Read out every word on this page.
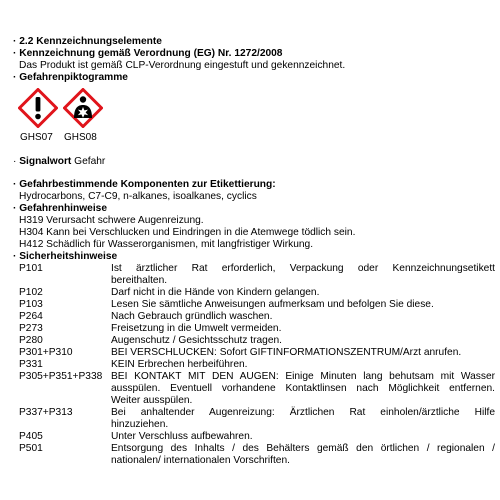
· 2.2 Kennzeichnungselemente
· Kennzeichnung gemäß Verordnung (EG) Nr. 1272/2008
Das Produkt ist gemäß CLP-Verordnung eingestuft und gekennzeichnet.
· Gefahrenpiktogramme
GHS07 GHS08
· Signalwort Gefahr
· Gefahrbestimmende Komponenten zur Etikettierung:
Hydrocarbons, C7-C9, n-alkanes, isoalkanes, cyclics
· Gefahrenhinweise
H319 Verursacht schwere Augenreizung.
H304 Kann bei Verschlucken und Eindringen in die Atemwege tödlich sein.
H412 Schädlich für Wasserorganismen, mit langfristiger Wirkung.
· Sicherheitshinweise
P101	Ist ärztlicher Rat erforderlich, Verpackung oder Kennzeichnungsetikett
bereithalten.
P102	Darf nicht in die Hände von Kindern gelangen.
P103	Lesen Sie sämtliche Anweisungen aufmerksam und befolgen Sie diese.
P264	Nach Gebrauch gründlich waschen.
P273	Freisetzung in die Umwelt vermeiden.
P280	Augenschutz / Gesichtsschutz tragen.
P301+P310	BEI VERSCHLUCKEN: Sofort GIFTINFORMATIONSZENTRUM/Arzt anrufen.
P331	KEIN Erbrechen herbeiführen.
P305+P351+P338 BEI KONTAKT MIT DEN AUGEN: Einige Minuten lang behutsam mit Wasser
ausspülen. Eventuell vorhandene Kontaktlinsen nach Möglichkeit entfernen.
Weiter ausspülen.
P337+P313	Bei anhaltender Augenreizung: Ärztlichen Rat einholen/ärztliche Hilfe
hinzuziehen.
P405	Unter Verschluss aufbewahren.
P501	Entsorgung des Inhalts / des Behälters gemäß den örtlichen / regionalen /
nationalen/ internationalen Vorschriften.
